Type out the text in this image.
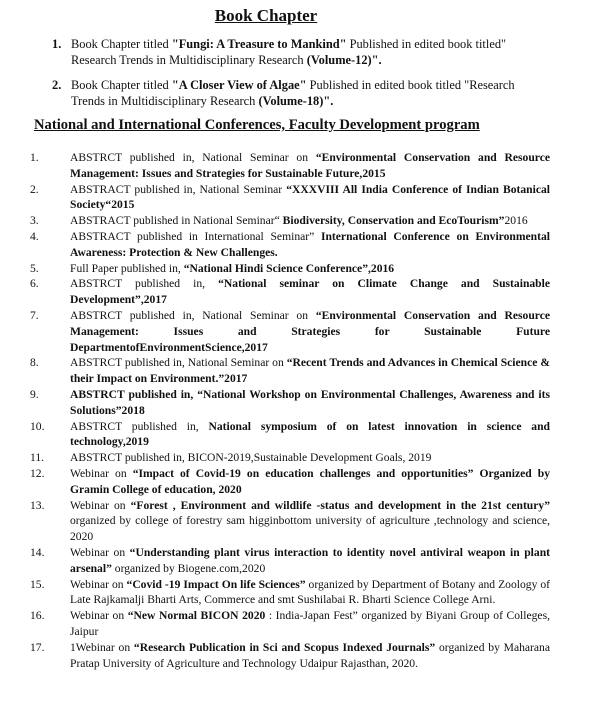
Book Chapter
1. Book Chapter titled "Fungi: A Treasure to Mankind" Published in edited book titled" Research Trends in Multidisciplinary Research (Volume-12)".
2. Book Chapter titled "A Closer View of Algae" Published in edited book titled "Research Trends in Multidisciplinary Research (Volume-18)".
National and International Conferences, Faculty Development program
1.	ABSTRCT published in, National Seminar on “Environmental Conservation and Resource Management: Issues and Strategies for Sustainable Future,2015
2.	ABSTRACT published in, National Seminar “XXXVIII All India Conference of Indian Botanical Society“2015
3.	ABSTRACT published in National Seminar“ Biodiversity, Conservation and EcoTourism”2016
4.	ABSTRACT published in International Seminar” International Conference on Environmental Awareness: Protection & New Challenges.
5.	Full Paper published in, “National Hindi Science Conference”,2016
6.	ABSTRCT published in, “National seminar on Climate Change and Sustainable Development”,2017
7.	ABSTRCT published in, National Seminar on “Environmental Conservation and Resource Management: Issues and Strategies for Sustainable Future DepartmentofEnvironmentScience,2017
8.	ABSTRCT published in, National Seminar on “Recent Trends and Advances in Chemical Science & their Impact on Environment.”2017
9.	ABSTRCT published in, “National Workshop on Environmental Challenges, Awareness and its Solutions”2018
10.	ABSTRCT published in, National symposium of on latest innovation in science and technology,2019
11.	ABSTRCT published in, BICON-2019,Sustainable Development Goals, 2019
12.	Webinar on “Impact of Covid-19 on education challenges and opportunities” Organized by Gramin College of education, 2020
13.	Webinar on “Forest , Environment and wildlife -status and development in the 21st century” organized by college of forestry sam higginbottom university of agriculture ,technology and science, 2020
14.	Webinar on “Understanding plant virus interaction to identity novel antiviral weapon in plant arsenal” organized by Biogene.com,2020
15.	Webinar on “Covid -19 Impact On life Sciences” organized by Department of Botany and Zoology of Late Rajkamalji Bharti Arts, Commerce and smt Sushilabai R. Bharti Science College Arni.
16.	Webinar on “New Normal BICON 2020 : India-Japan Fest” organized by Biyani Group of Colleges, Jaipur
17.	1Webinar on “Research Publication in Sci and Scopus Indexed Journals” organized by Maharana Pratap University of Agriculture and Technology Udaipur Rajasthan, 2020.
